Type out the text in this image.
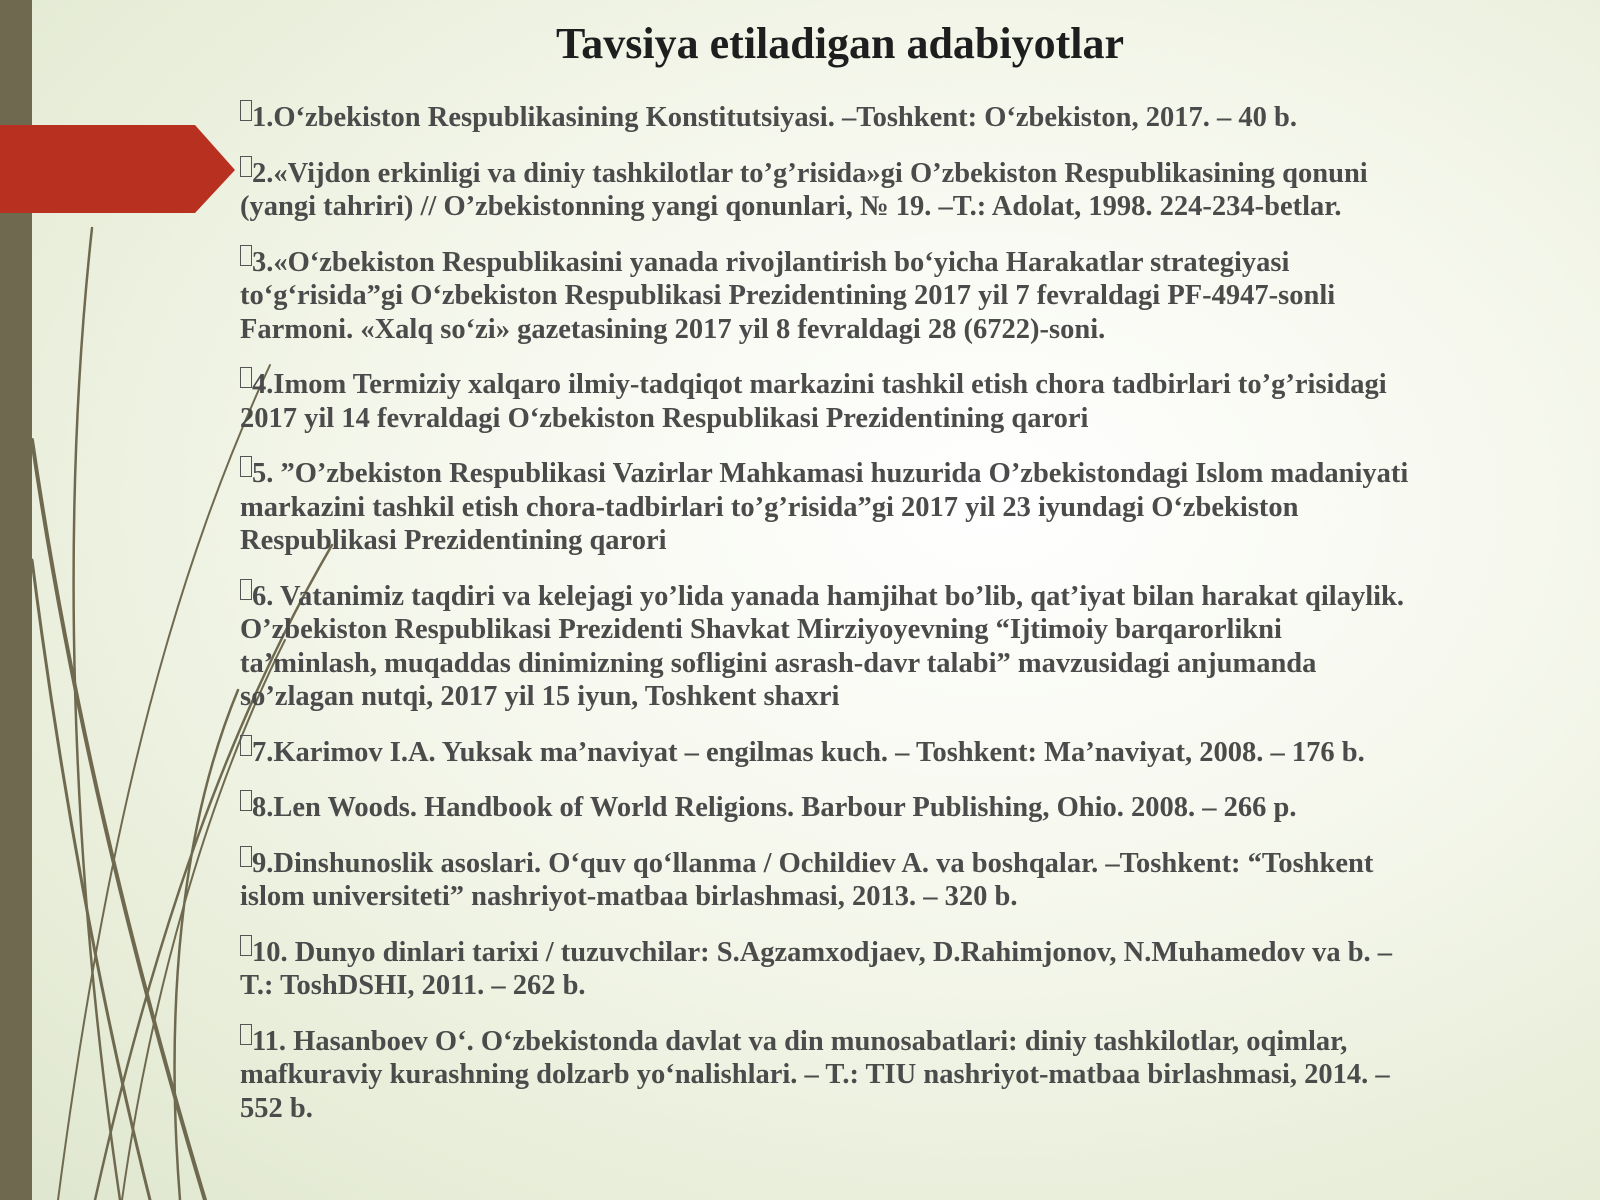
Tavsiya etiladigan adabiyotlar
1.O‘zbekiston Respublikasining Konstitutsiyasi. –Toshkent: O‘zbekiston, 2017. – 40 b.
2.«Vijdon erkinligi va diniy tashkilotlar to’g’risida»gi O’zbekiston Respublikasining qonuni
(yangi tahriri) // O’zbekistonning yangi qonunlari, № 19. –T.: Adolat, 1998. 224-234-betlar.
3.«O‘zbekiston Respublikasini yanada rivojlantirish bo‘yicha Harakatlar strategiyasi
to‘g‘risida”gi O‘zbekiston Respublikasi Prezidentining 2017 yil 7 fevraldagi PF-4947-sonli
Farmoni. «Xalq so‘zi» gazetasining 2017 yil 8 fevraldagi 28 (6722)-soni.
4.Imom Termiziy xalqaro ilmiy-tadqiqot markazini tashkil etish chora tadbirlari to’g’risidagi
2017 yil 14 fevraldagi O‘zbekiston Respublikasi Prezidentining qarori
5. ”O’zbekiston Respublikasi Vazirlar Mahkamasi huzurida O’zbekistondagi Islom madaniyati
markazini tashkil etish chora-tadbirlari to’g’risida”gi 2017 yil 23 iyundagi O‘zbekiston
Respublikasi Prezidentining qarori
6. Vatanimiz taqdiri va kelejagi yo’lida yanada hamjihat bo’lib, qat’iyat bilan harakat qilaylik.
O’zbekiston Respublikasi Prezidenti Shavkat Mirziyoyevning “Ijtimoiy barqarorlikni
ta’minlash, muqaddas dinimizning sofligini asrash-davr talabi” mavzusidagi anjumanda
so’zlagan nutqi, 2017 yil 15 iyun, Toshkent shaxri
7.Karimov I.A. Yuksak ma’naviyat – engilmas kuch. – Toshkent: Ma’naviyat, 2008. – 176 b.
8.Len Woods. Handbook of World Religions. Barbour Publishing, Ohio. 2008. – 266 p.
9.Dinshunoslik asoslari. O‘quv qo‘llanma / Ochildiev A. va boshqalar. –Toshkent: “Toshkent
islom universiteti” nashriyot-matbaa birlashmasi, 2013. – 320 b.
10. Dunyo dinlari tarixi / tuzuvchilar: S.Agzamxodjaev, D.Rahimjonov, N.Muhamedov va b. –
T.: ToshDSHI, 2011. – 262 b.
11. Hasanboev O‘. O‘zbekistonda davlat va din munosabatlari: diniy tashkilotlar, oqimlar,
mafkuraviy kurashning dolzarb yo‘nalishlari. – T.: TIU nashriyot-matbaa birlashmasi, 2014. –
552 b.
